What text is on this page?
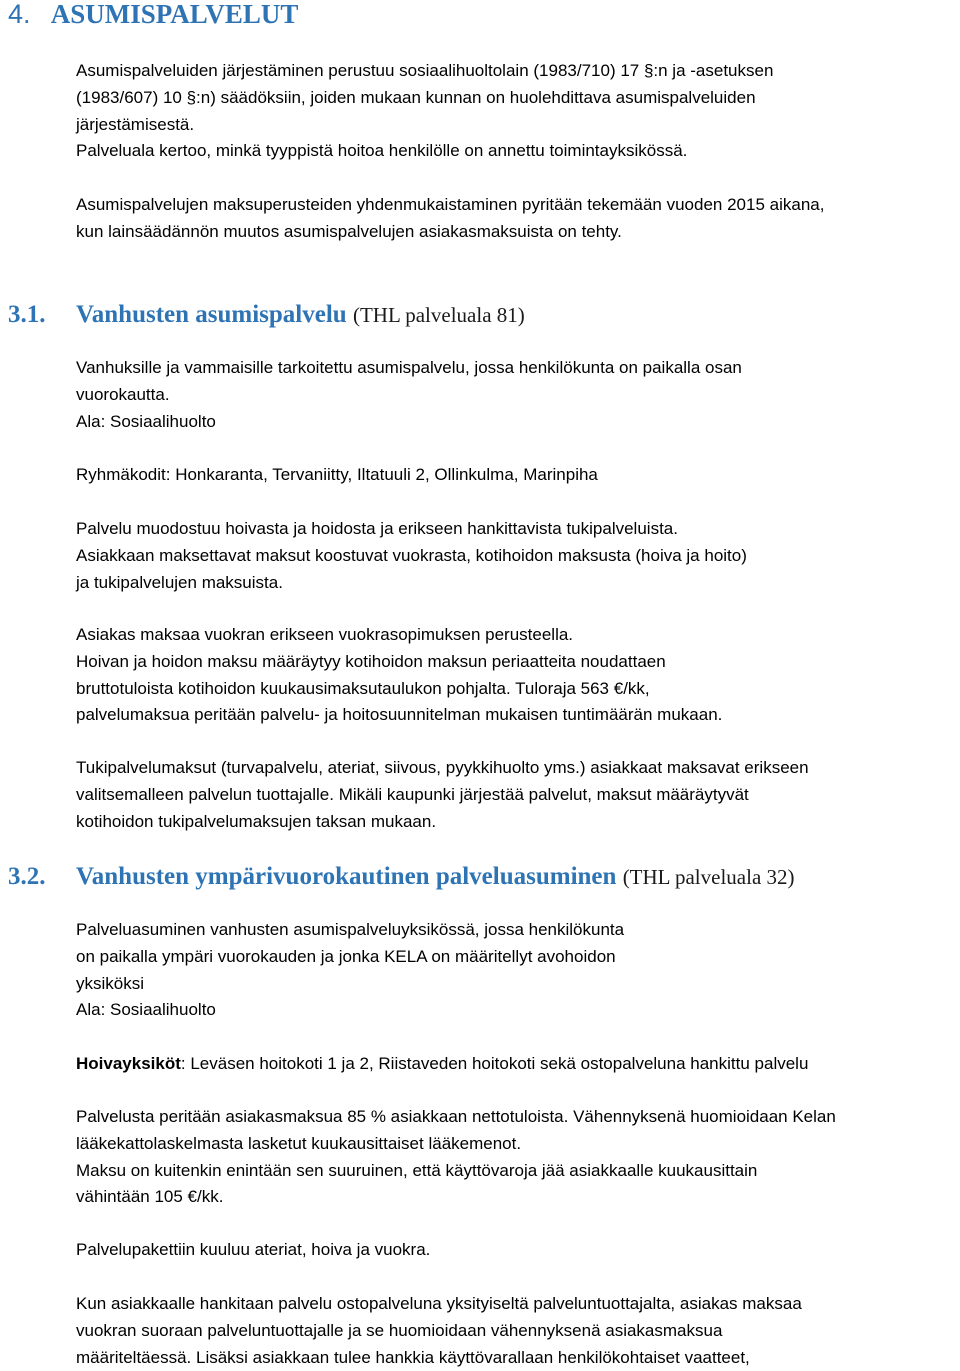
4. ASUMISPALVELUT
Asumispalveluiden järjestäminen perustuu sosiaalihuoltolain (1983/710) 17 §:n ja -asetuksen
(1983/607) 10 §:n) säädöksiin, joiden mukaan kunnan on huolehdittava asumispalveluiden
järjestämisestä.
Palveluala kertoo, minkä tyyppistä hoitoa henkilölle on annettu toimintayksikössä.
Asumispalvelujen maksuperusteiden yhdenmukaistaminen pyritään tekemään vuoden 2015 aikana,
kun lainsäädännön muutos asumispalvelujen asiakasmaksuista on tehty.
3.1. Vanhusten asumispalvelu (THL palveluala 81)
Vanhuksille ja vammaisille tarkoitettu asumispalvelu, jossa henkilökunta on paikalla osan
vuorokautta.
Ala: Sosiaalihuolto
Ryhmäkodit: Honkaranta, Tervaniitty, Iltatuuli 2, Ollinkulma, Marinpiha
Palvelu muodostuu hoivasta ja hoidosta ja erikseen hankittavista tukipalveluista.
Asiakkaan maksettavat maksut koostuvat vuokrasta, kotihoidon maksusta (hoiva ja hoito)
ja tukipalvelujen maksuista.
Asiakas maksaa vuokran erikseen vuokrasopimuksen perusteella.
Hoivan ja hoidon maksu määräytyy kotihoidon maksun periaatteita noudattaen
bruttotuloista kotihoidon kuukausimaksutaulukon pohjalta. Tuloraja 563 €/kk,
palvelumaksua peritään palvelu- ja hoitosuunnitelman mukaisen tuntimäärän mukaan.
Tukipalvelumaksut (turvapalvelu, ateriat, siivous, pyykkihuolto yms.) asiakkaat maksavat erikseen
valitsemalleen palvelun tuottajalle. Mikäli kaupunki järjestää palvelut, maksut määräytyvät
kotihoidon tukipalvelumaksujen taksan mukaan.
3.2. Vanhusten ympärivuorokautinen palveluasuminen (THL palveluala 32)
Palveluasuminen vanhusten asumispalveluyksikössä, jossa henkilökunta
on paikalla ympäri vuorokauden ja jonka KELA on määritellyt avohoidon
yksiköksi
Ala: Sosiaalihuolto
Hoivayksiköt: Leväsen hoitokoti 1 ja 2, Riistaveden hoitokoti sekä ostopalveluna hankittu palvelu
Palvelusta peritään asiakasmaksua 85 % asiakkaan nettotuloista. Vähennyksenä huomioidaan Kelan
lääkekattolaskelmasta lasketut kuukausittaiset lääkemenot.
Maksu on kuitenkin enintään sen suuruinen, että käyttövaroja jää asiakkaalle kuukausittain
vähintään 105 €/kk.
Palvelupakettiin kuuluu ateriat, hoiva ja vuokra.
Kun asiakkaalle hankitaan palvelu ostopalveluna yksityiseltä palveluntuottajalta, asiakas maksaa
vuokran suoraan palveluntuottajalle ja se huomioidaan vähennyksenä asiakasmaksua
määriteltäessä. Lisäksi asiakkaan tulee hankkia käyttövarallaan henkilökohtaiset vaatteet,
